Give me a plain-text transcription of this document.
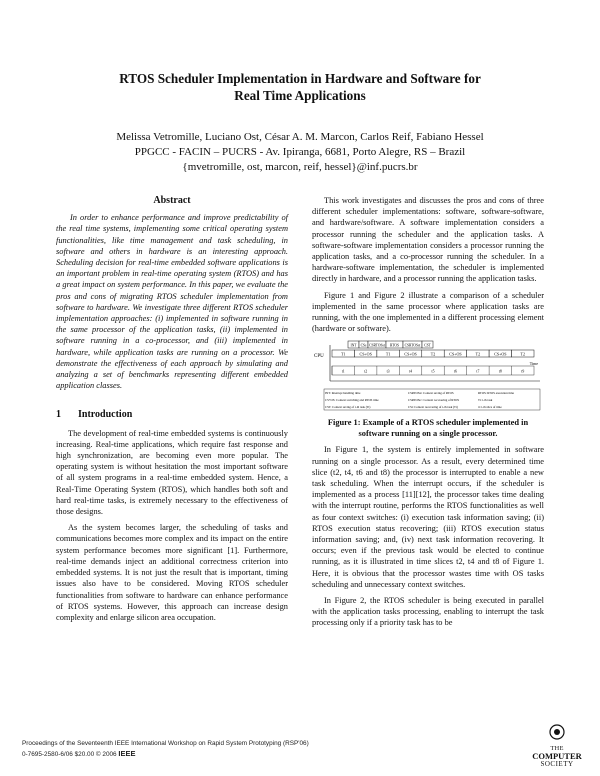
RTOS Scheduler Implementation in Hardware and Software for
Real Time Applications
Melissa Vetromille, Luciano Ost, César A. M. Marcon, Carlos Reif, Fabiano Hessel
PPGCC - FACIN – PUCRS - Av. Ipiranga, 6681, Porto Alegre, RS – Brazil
{mvetromille, ost, marcon, reif, hessel}@inf.pucrs.br
Abstract

In order to enhance performance and improve predictability of the real time systems, implementing some critical operating system functionalities, like time management and task scheduling, in software and others in hardware is an interesting approach. Scheduling decision for real-time embedded software applications is an important problem in real-time operating system (RTOS) and has a great impact on system performance. In this paper, we evaluate the pros and cons of migrating RTOS scheduler implementation from software to hardware. We investigate three different RTOS scheduler implementation approaches: (i) implemented in software running in the same processor of the application tasks, (ii) implemented in software running in a co-processor, and (iii) implemented in hardware, while application tasks are running on a processor. We demonstrate the effectiveness of each approach by simulating and analyzing a set of benchmarks representing different embedded application classes.

1 Introduction

The development of real-time embedded systems is continuously increasing. Real-time applications, which require fast response and high synchronization, are becoming even more popular. The operating system is without hesitation the most important software of all system programs in a real-time embedded system. Hence, a Real-Time Operating System (RTOS), which handles both soft and hard real-time tasks, is extremely necessary to the effectiveness of those designs.

As the system becomes larger, the scheduling of tasks and communications becomes more complex and its impact on the entire system performance becomes more significant [1]. Furthermore, real-time demands inject an additional correctness criterion into embedded systems. It is not just the result that is important, timing issues also have to be considered. Moving RTOS scheduler functionalities from software to hardware can enhance performance of RTOS systems. However, this approach can increase design complexity and enlarge silicon area occupation.

This work investigates and discusses the pros and cons of three different scheduler implementations: software, software-software, and hardware/software. A software implementation considers a processor running the scheduler and the application tasks. A software-software implementation considers a processor running the application tasks, and a co-processor running the scheduler. In a hardware-software implementation, the scheduler is implemented directly in hardware, and a processor running the application tasks.

Figure 1 and Figure 2 illustrate a comparison of a scheduler implemented in the same processor where application tasks are running, with the one implemented in a different processing element (hardware or software).

CPU
INT CSs CSRTOSst RTOS CSRTOSst CST
T1	CS+OS	T1	CS+OS	T2	CS+OS	T2	CS+OS	T2
t1	t2	t3	t4	t5	t6	t7	t8	t9
Time
INT: Interrupt handling time	CSRTOSst: Context saving of RTOS	RTOS: RTOS execution time
CS+OS: Context switching and RTOS time	CSRTOSrc: Context recovering of RTOS	Ti: i-th task
CST: Context saving of i-th task (Ti)	CSi: Context recovering of i-th task (Ti)	ti: i-th slice of time
Figure 1: Example of a RTOS scheduler implemented in software running on a single processor.

In Figure 1, the system is entirely implemented in software running on a single processor. As a result, every determined time slice (t2, t4, t6 and t8) the processor is interrupted to enable a new task scheduling. When the interrupt occurs, if the scheduler is implemented as a process [11][12], the processor takes time dealing with the interrupt routine, performs the RTOS functionalities as well as four context switches: (i) execution task information saving; (ii) RTOS execution status recovering; (iii) RTOS execution status information saving; and, (iv) next task information recovering. It occurs; even if the previous task would be elected to continue running, as it is illustrated in time slices t2, t4 and t8 of Figure 1. Here, it is obvious that the processor wastes time with OS tasks scheduling and unnecessary context switches.

In Figure 2, the RTOS scheduler is being executed in parallel with the application tasks processing, enabling to interrupt the task processing only if a priority task has to be

Proceedings of the Seventeenth IEEE International Workshop on Rapid System Prototyping (RSP'06)
0-7695-2580-6/06 $20.00 © 2006 IEEE
THE
COMPUTER
SOCIETY
